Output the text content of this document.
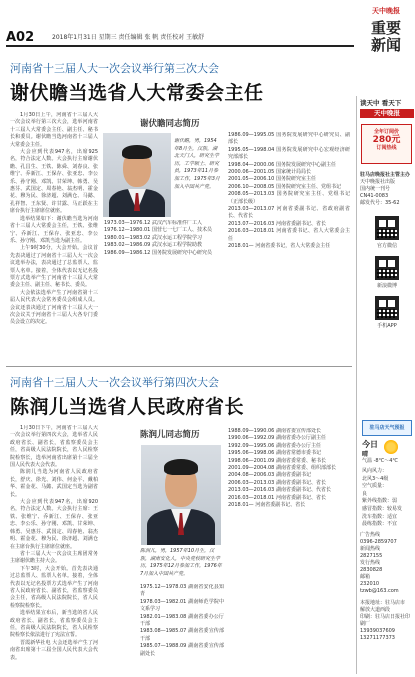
A02	2018年1月31日 星期三 责任编辑 张 帆 责任校对 王敏舒
天中晚报
重要
新闻
河南省十三届人大一次会议举行第三次大会
谢伏瞻当选省人大常委会主任

1月30日上午，河南省十三届人大一次会议举行第三次大会，选举河南省十三届人大常委会主任、副主任、秘书长和委员。谢伏瞻当选河南省十三届人大常委会主任。

大会应到代表947名，出席925名，符合法定人数。大会执行主席谢伏瞻、孔昌生、王铁、陈舜、刘春良、张维宁、乔新江、王保存、张亚忠、李公乐、孙守刚、邓凯、甘荣坤、韩勇、吴惠芬、武国定、周春艳、翁杰明、霍金花、穆为民、徐济超、刘满仓、马懿、孔祥智、王东贤、许甘露、马正跃在主席台执行主席席位就座。

选举结果如下：谢伏瞻当选为河南省十三届人大常委会主任，王铁、张维宁、乔新江、王保存、张亚忠、李公乐、孙守刚、邓凯当选为副主任。

上午9时30分，大会开始。会议首先表决通过了河南省十三届人大一次会议选举办法，表决通过了总监票人、监票人名单。接着，全体代表以无记名投票方式选举产生了河南省十三届人大常委会主任、副主任、秘书长、委员。

大会依法选举产生了河南省第十三届人民代表大会常务委员会组成人员。会议还表决通过了河南省十三届人大一次会议关于河南省十三届人大各专门委员会设立的决定。

谢伏瞻同志简历
谢伏瞻，男，1954年8月生，汉族，湖北天门人，研究生学历，工学硕士、研究员，1973年11月参加工作，1975年3月加入中国共产党。
1973.03—1976.12 武汉汽车标准件厂工人
1976.12—1980.01 国营七一七厂工人、技术员
1980.01—1983.02 武汉水运工程学院学习
1983.02—1986.09 武汉水运工程学院助教
1986.09—1986.12 国务院发展研究中心研究员
1986.09—1995.05 国务院发展研究中心研究员、副部长
1995.05—1998.04 国务院发展研究中心宏观经济研究部部长
1998.04—2000.06 国务院发展研究中心副主任
2000.06—2001.05 国家统计局局长
2001.05—2006.10 国务院研究室主任
2006.10—2008.05 国务院研究室主任、党组书记
2008.05—2013.03 国务院研究室主任、党组书记（正部长级）
2013.03—2013.07 河南省委副书记、省政府副省长、代省长
2013.07—2016.03 河南省委副书记、省长
2016.03—2018.01 河南省委书记、省人大常委会主任
2018.01— 河南省委书记，省人大常委会主任
河南省十三届人大一次会议举行第四次大会
陈润儿当选省人民政府省长

1月30日下午，河南省十三届人大一次会议举行第四次大会，选举省人民政府省长、副省长，省监察委员会主任，省高级人民法院院长，省人民检察院检察长，选举河南省出席第十三届全国人民代表大会代表。

陈润儿当选为河南省人民政府省长，舒庆、徐光、刘伟、何金平、戴柏华、霍金花、马懿、武国定当选为副省长。

大会应到代表947名，出席920名，符合法定人数。大会执行主席：王铁、张维宁、乔新江、王保存、张亚忠、李公乐、孙守刚、邓凯、甘荣坤、韩勇、吴惠芬、武国定、周春艳、翁杰明、霍金花、穆为民、徐济超、刘满仓在主席台执行主席席位就座。

省十三届人大一次会议主席团常务主席谢伏瞻主持大会。

下午3时，大会开始。首先表决通过总监票人、监票人名单。接着，全体代表以无记名投票方式选举产生了河南省人民政府省长、副省长，省监察委员会主任，省高级人民法院院长，省人民检察院检察长。

选举结果宣布后，新当选的省人民政府省长、副省长，省监察委员会主任，省高级人民法院院长，省人民检察院检察长依法进行了宪法宣誓。

晋霞新华社电 大会还选举产生了河南省出席第十三届全国人民代表大会代表。

陈润儿同志简历
陈润儿，男，1957年10月生，汉族，湖南安化人，中央党校研究生学历，1975年12月参加工作，1976年7月加入中国共产党。
1975.12—1978.03 湖南省安化县知青
1978.03—1982.01 湖南师范学院中文系学习
1982.01—1983.08 湖南省委办公厅干部
1983.08—1985.07 湖南省委宣传部干部
1985.07—1988.09 湖南省委宣传部副处长
1988.09—1990.06 湖南省委宣传部处长
1990.06—1992.09 湖南省委办公厅副主任
1992.09—1995.06 湖南省委办公厅主任
1995.06—1998.06 湖南省常德市委书记
1998.06—2001.09 湖南省委常委、秘书长
2001.09—2004.08 湖南省委常委、组织部部长
2004.08—2006.03 湖南省委副书记
2006.03—2013.03 湖南省委副书记、省长
2013.03—2016.03 湖南省委副书记、代省长
2016.03—2018.01 河南省委副书记、省长
2018.01— 河南省委副书记、省长
读天中 看天下
天中晚报
全年订阅价
280元
订阅热线
驻马店晚报社主管主办
天中晚报社出版
国内统一刊号
CN41-0083
邮发代号：35-62
官方微信
新浪微博
手机APP
驻马店天气预报
今日
晴
气温 -8℃～4℃
风向风力：
北风3～4级
空气质量：
良
紫外线指数：弱
感冒指数：较易发
洗车指数：适宜
晨练指数：不宜
广告热线
0396-2859707
新闻热线
2827155
发行热线
2830828
邮箱
232010
tzwb@163.com
本报地址：驻马店市
解放大道西段
印刷：驻马店日报社印刷厂
13939037609
13271177373
